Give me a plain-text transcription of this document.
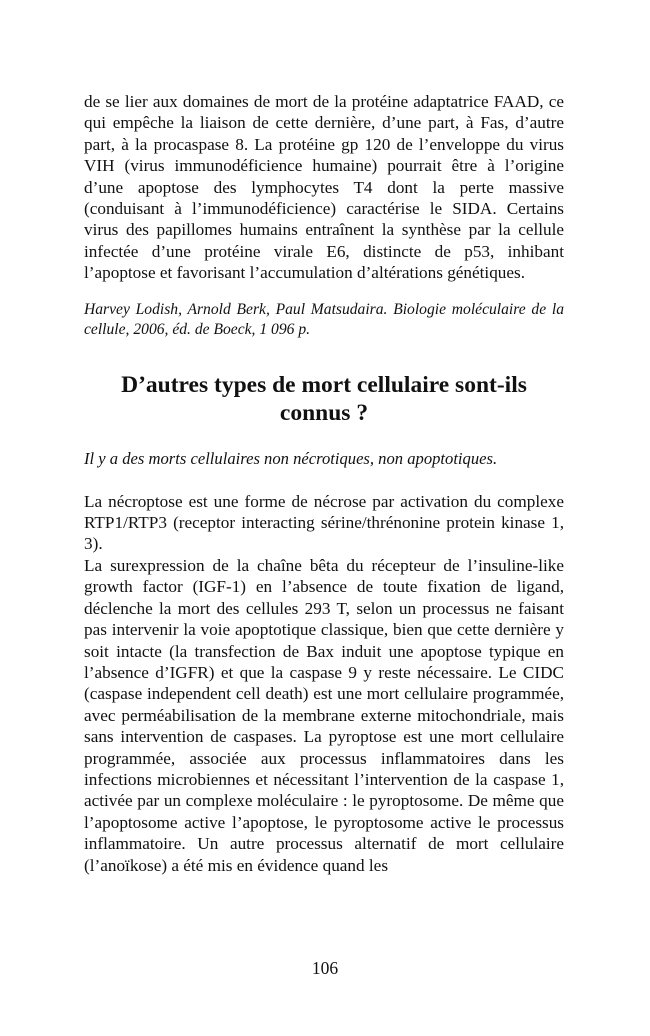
de se lier aux domaines de mort de la protéine adaptatrice FAAD, ce qui empêche la liaison de cette dernière, d’une part, à Fas, d’autre part, à la procaspase 8. La protéine gp 120 de l’enveloppe du virus VIH (virus immunodéficience humaine) pourrait être à l’origine d’une apoptose des lymphocytes T4 dont la perte massive (conduisant à l’immunodéficience) caractérise le SIDA. Certains virus des papillomes humains entraînent la synthèse par la cellule infectée d’une protéine virale E6, distincte de p53, inhibant l’apoptose et favorisant l’accumulation d’altérations génétiques.

Harvey Lodish, Arnold Berk, Paul Matsudaira. Biologie moléculaire de la cellule, 2006, éd. de Boeck, 1 096 p.

D’autres types de mort cellulaire sont-ils
connus ?

Il y a des morts cellulaires non nécrotiques, non apoptotiques.

La nécroptose est une forme de nécrose par activation du complexe RTP1/RTP3 (receptor interacting sérine/thrénonine protein kinase 1, 3).

La surexpression de la chaîne bêta du récepteur de l’insuline-like growth factor (IGF-1) en l’absence de toute fixation de ligand, déclenche la mort des cellules 293 T, selon un processus ne faisant pas intervenir la voie apoptotique classique, bien que cette dernière y soit intacte (la transfection de Bax induit une apoptose typique en l’absence d’IGFR) et que la caspase 9 y reste nécessaire. Le CIDC (caspase independent cell death) est une mort cellulaire programmée, avec perméabilisation de la membrane externe mitochondriale, mais sans intervention de caspases. La pyroptose est une mort cellulaire programmée, associée aux processus inflammatoires dans les infections microbiennes et nécessitant l’intervention de la caspase 1, activée par un complexe moléculaire : le pyroptosome. De même que l’apoptosome active l’apoptose, le pyroptosome active le processus inflammatoire. Un autre processus alternatif de mort cellulaire (l’anoïkose) a été mis en évidence quand les

106
